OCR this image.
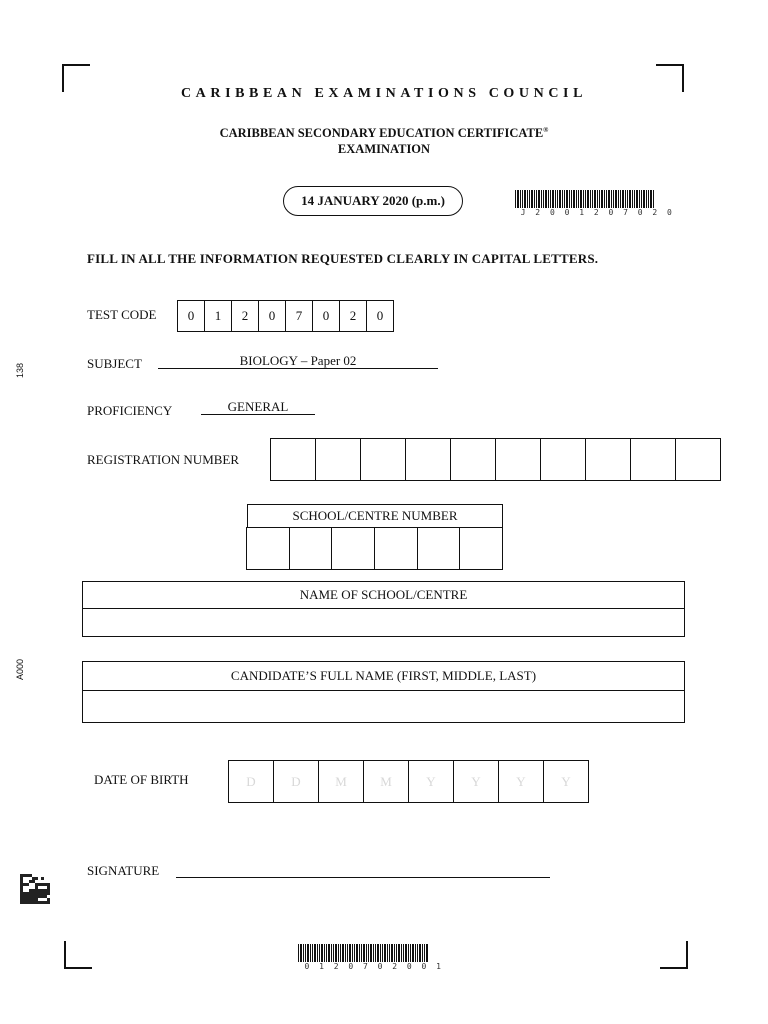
138
A000
CARIBBEAN EXAMINATIONS COUNCIL
CARIBBEAN SECONDARY EDUCATION CERTIFICATE®
EXAMINATION
14 JANUARY 2020 (p.m.)
J 2 0 0 1 2 0 7 0 2 0
FILL IN ALL THE INFORMATION REQUESTED CLEARLY IN CAPITAL LETTERS.
TEST CODE	0	1	2	0	7	0	2	0
SUBJECT	BIOLOGY – Paper 02
PROFICIENCY	GENERAL
REGISTRATION NUMBER
SCHOOL/CENTRE NUMBER
NAME OF SCHOOL/CENTRE
CANDIDATE’S FULL NAME (FIRST, MIDDLE, LAST)
DATE OF BIRTH	D	D	M	M	Y	Y	Y	Y
SIGNATURE
0 1 2 0 7 0 2 0 0 1
